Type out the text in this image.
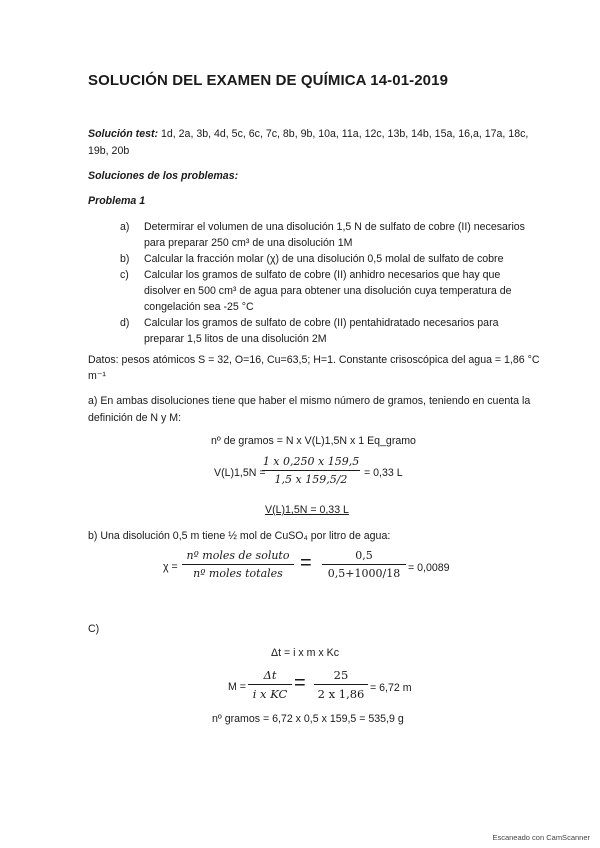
SOLUCIÓN DEL EXAMEN DE QUÍMICA 14-01-2019
Solución test: 1d, 2a, 3b, 4d, 5c, 6c, 7c, 8b, 9b, 10a, 11a, 12c, 13b, 14b, 15a, 16,a, 17a, 18c,
19b, 20b
Soluciones de los problemas:
Problema 1
a) Determirar el volumen de una disolución 1,5 N de sulfato de cobre (II) necesarios
para preparar 250 cm³ de una disolución 1M
b) Calcular la fracción molar (χ) de una disolución 0,5 molal de sulfato de cobre
c) Calcular los gramos de sulfato de cobre (II) anhidro necesarios que hay que
disolver en 500 cm³ de agua para obtener una disolución cuya temperatura de
congelación sea -25 °C
d) Calcular los gramos de sulfato de cobre (II) pentahidratado necesarios para
preparar 1,5 litos de una disolución 2M
Datos: pesos atómicos S = 32, O=16, Cu=63,5; H=1. Constante crisoscópica del agua = 1,86 °C
m⁻¹
a) En ambas disoluciones tiene que haber el mismo número de gramos, teniendo en cuenta la
definición de N y M:
nº de gramos = N x V(L)1,5N x 1 Eq_gramo
V(L)1,5N =
1 x 0,250 x 159,5
1,5 x 159,5/2	= 0,33 L
V(L)1,5N = 0,33 L
b) Una disolución 0,5 m tiene ½ mol de CuSO₄ por litro de agua:
χ =
nº moles de soluto
nº moles totales =	0,5
0,5+1000/18 = 0,0089
C)
Δt = i x m x Kc
M =
Δt
i x KC =	25
2 x 1,86 = 6,72 m
nº gramos = 6,72 x 0,5 x 159,5 = 535,9 g
Escaneado con CamScanner
